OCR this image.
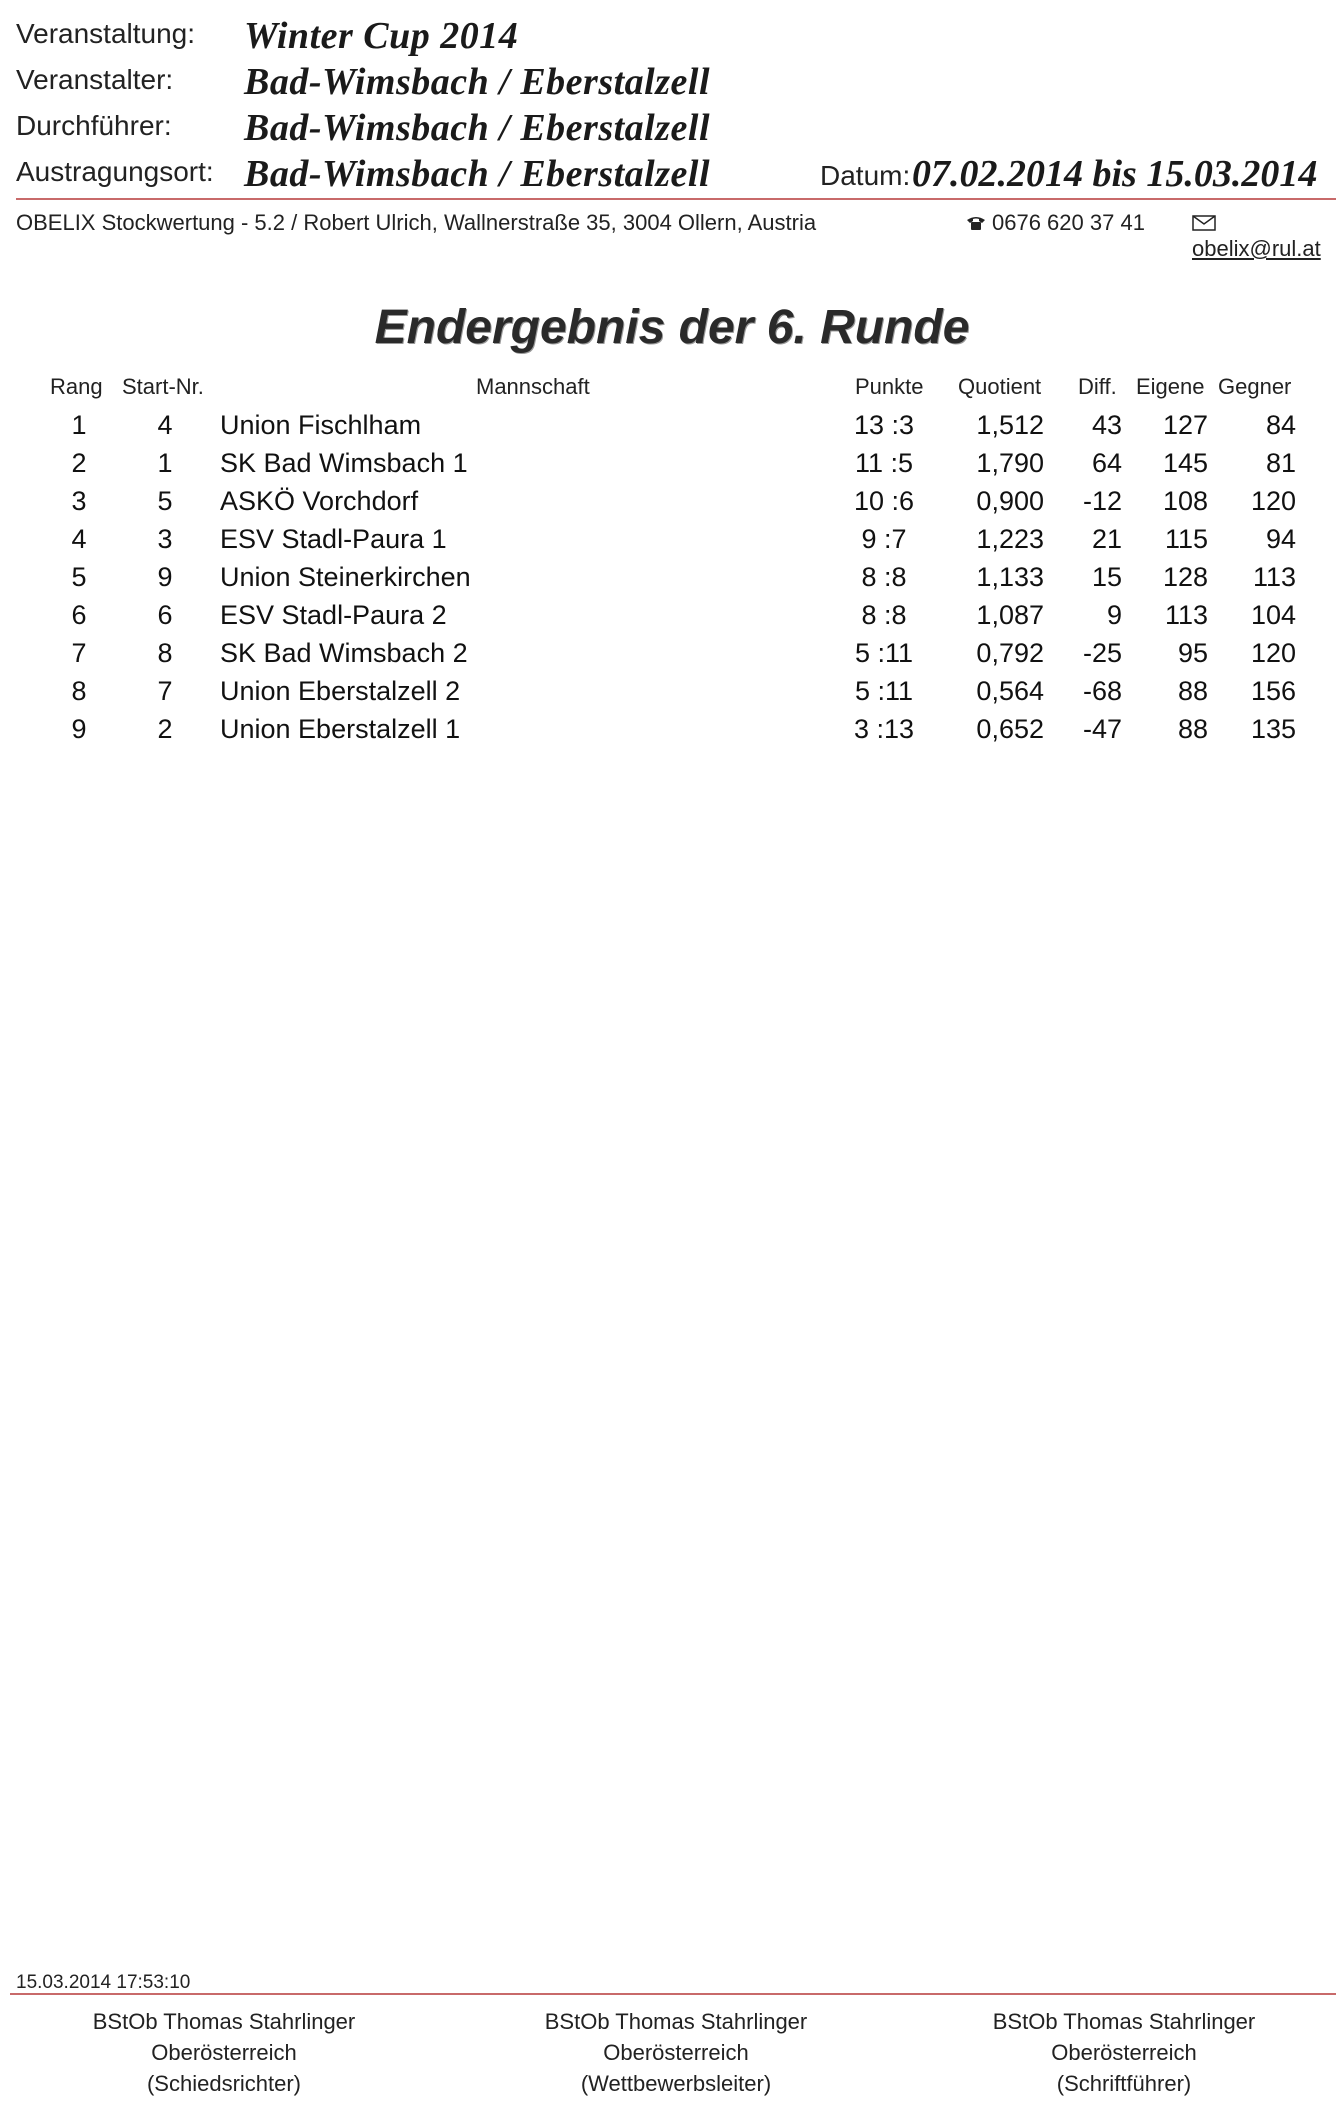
Veranstaltung: Winter Cup 2014
Veranstalter: Bad-Wimsbach / Eberstalzell
Durchführer: Bad-Wimsbach / Eberstalzell
Austragungsort: Bad-Wimsbach / Eberstalzell	Datum: 07.02.2014 bis 15.03.2014
OBELIX Stockwertung - 5.2 / Robert Ulrich, Wallnerstraße 35, 3004 Ollern, Austria	0676 620 37 41
obelix@rul.at
Endergebnis der 6. Runde
Rang Start-Nr.	Mannschaft	Punkte Quotient Diff. Eigene Gegner
1	4	Union Fischlham	13 :3	1,512	43	127	84
2	1	SK Bad Wimsbach 1	11 :5	1,790	64	145	81
3	5	ASKÖ Vorchdorf	10 :6	0,900	-12	108	120
4	3	ESV Stadl-Paura 1	9 :7	1,223	21	115	94
5	9	Union Steinerkirchen	8 :8	1,133	15	128	113
6	6	ESV Stadl-Paura 2	8 :8	1,087	9	113	104
7	8	SK Bad Wimsbach 2	5 :11	0,792	-25	95	120
8	7	Union Eberstalzell 2	5 :11	0,564	-68	88	156
9	2	Union Eberstalzell 1	3 :13	0,652	-47	88	135
15.03.2014 17:53:10
BStOb Thomas Stahrlinger
Oberösterreich
(Schiedsrichter)
BStOb Thomas Stahrlinger
Oberösterreich
(Wettbewerbsleiter)
BStOb Thomas Stahrlinger
Oberösterreich
(Schriftführer)
